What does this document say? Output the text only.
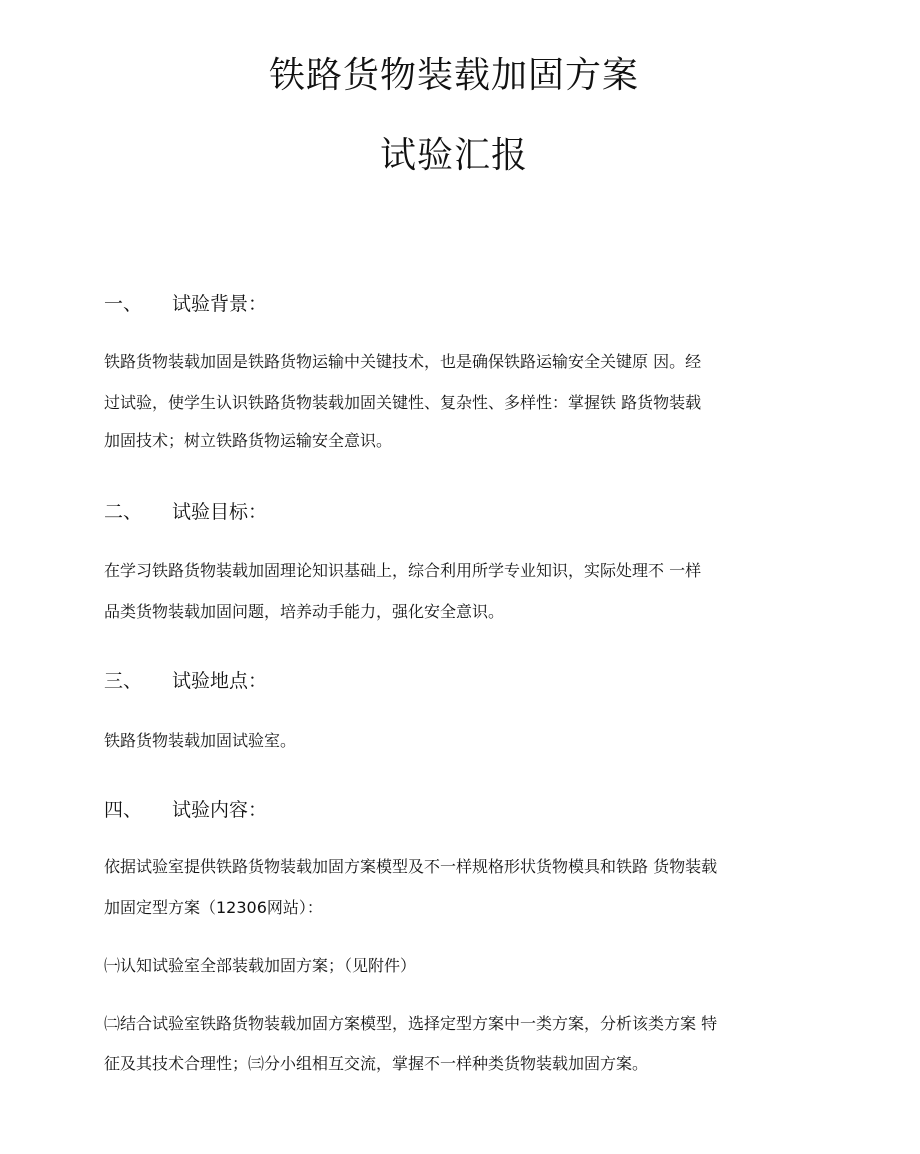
铁路货物装载加固方案
试验汇报
一、 试验背景：

铁路货物装载加固是铁路货物运输中关键技术，也是确保铁路运输安全关键原 因。经
过试验，使学生认识铁路货物装载加固关键性、复杂性、多样性：掌握铁 路货物装载
加固技术；树立铁路货物运输安全意识。

二、 试验目标：

在学习铁路货物装载加固理论知识基础上，综合利用所学专业知识，实际处理不 一样
品类货物装载加固问题，培养动手能力，强化安全意识。

三、 试验地点：

铁路货物装载加固试验室。

四、 试验内容：

依据试验室提供铁路货物装载加固方案模型及不一样规格形状货物模具和铁路 货物装载
加固定型方案（12306网站）：

㈠认知试验室全部装载加固方案；（见附件）

㈡结合试验室铁路货物装载加固方案模型，选择定型方案中一类方案，分析该类方案 特
征及其技术合理性；㈢分小组相互交流，掌握不一样种类货物装载加固方案。
